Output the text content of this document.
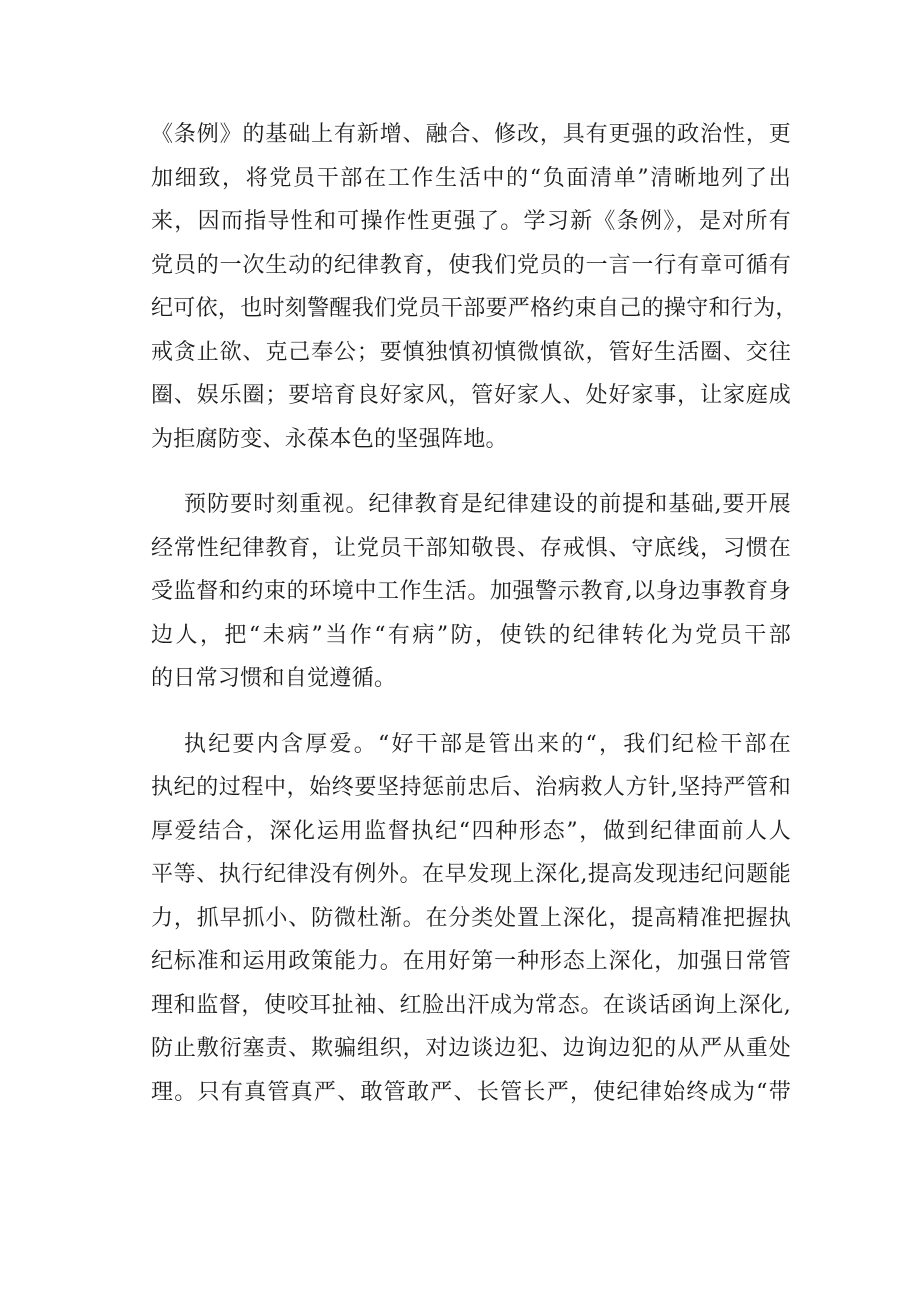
《条例》的基础上有新增、融合、修改，具有更强的政治性，更
加细致，将党员干部在工作生活中的“负面清单”清晰地列了出
来，因而指导性和可操作性更强了。学习新《条例》，是对所有
党员的一次生动的纪律教育，使我们党员的一言一行有章可循有
纪可依，也时刻警醒我们党员干部要严格约束自己的操守和行为，
戒贪止欲、克己奉公；要慎独慎初慎微慎欲，管好生活圈、交往
圈、娱乐圈；要培育良好家风，管好家人、处好家事，让家庭成
为拒腐防变、永葆本色的坚强阵地。
预防要时刻重视。纪律教育是纪律建设的前提和基础,要开展
经常性纪律教育，让党员干部知敬畏、存戒惧、守底线，习惯在
受监督和约束的环境中工作生活。加强警示教育,以身边事教育身
边人，把“未病”当作“有病”防，使铁的纪律转化为党员干部
的日常习惯和自觉遵循。
执纪要内含厚爱。“好干部是管出来的“，我们纪检干部在
执纪的过程中，始终要坚持惩前忠后、治病救人方针,坚持严管和
厚爱结合，深化运用监督执纪“四种形态”，做到纪律面前人人
平等、执行纪律没有例外。在早发现上深化,提高发现违纪问题能
力，抓早抓小、防微杜渐。在分类处置上深化，提高精准把握执
纪标准和运用政策能力。在用好第一种形态上深化，加强日常管
理和监督，使咬耳扯袖、红脸出汗成为常态。在谈话函询上深化,
防止敷衍塞责、欺骗组织，对边谈边犯、边询边犯的从严从重处
理。只有真管真严、敢管敢严、长管长严，使纪律始终成为“带
